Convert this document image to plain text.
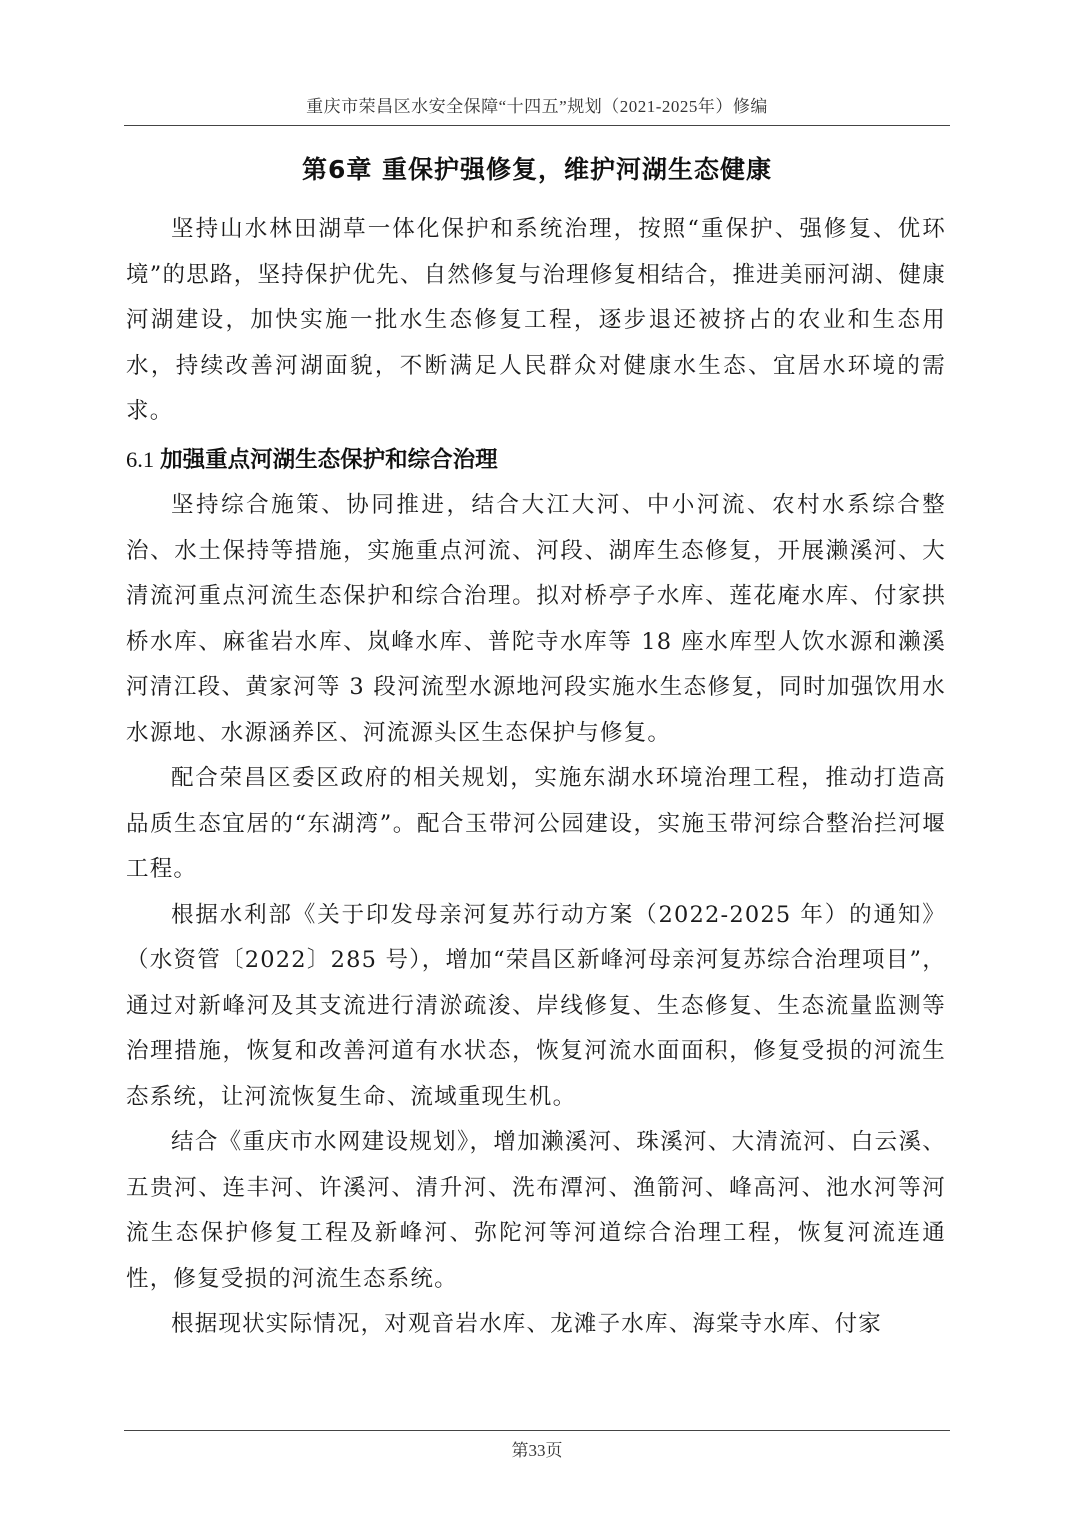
重庆市荣昌区水安全保障“十四五”规划（2021-2025年）修编
第6章 重保护强修复，维护河湖生态健康

坚持山水林田湖草一体化保护和系统治理，按照“重保护、强修复、优环境”的思路，坚持保护优先、自然修复与治理修复相结合，推进美丽河湖、健康河湖建设，加快实施一批水生态修复工程，逐步退还被挤占的农业和生态用水，持续改善河湖面貌，不断满足人民群众对健康水生态、宜居水环境的需求。

6.1 加强重点河湖生态保护和综合治理

坚持综合施策、协同推进，结合大江大河、中小河流、农村水系综合整治、水土保持等措施，实施重点河流、河段、湖库生态修复，开展濑溪河、大清流河重点河流生态保护和综合治理。拟对桥亭子水库、莲花庵水库、付家拱桥水库、麻雀岩水库、岚峰水库、普陀寺水库等 18 座水库型人饮水源和濑溪河清江段、黄家河等 3 段河流型水源地河段实施水生态修复，同时加强饮用水水源地、水源涵养区、河流源头区生态保护与修复。

配合荣昌区委区政府的相关规划，实施东湖水环境治理工程，推动打造高品质生态宜居的“东湖湾”。配合玉带河公园建设，实施玉带河综合整治拦河堰工程。

根据水利部《关于印发母亲河复苏行动方案（2022-2025 年）的通知》（水资管〔2022〕285 号），增加“荣昌区新峰河母亲河复苏综合治理项目”，通过对新峰河及其支流进行清淤疏浚、岸线修复、生态修复、生态流量监测等治理措施，恢复和改善河道有水状态，恢复河流水面面积，修复受损的河流生态系统，让河流恢复生命、流域重现生机。

结合《重庆市水网建设规划》，增加濑溪河、珠溪河、大清流河、白云溪、五贵河、连丰河、许溪河、清升河、洗布潭河、渔箭河、峰高河、池水河等河流生态保护修复工程及新峰河、弥陀河等河道综合治理工程，恢复河流连通性，修复受损的河流生态系统。

根据现状实际情况，对观音岩水库、龙滩子水库、海棠寺水库、付家

第33页
